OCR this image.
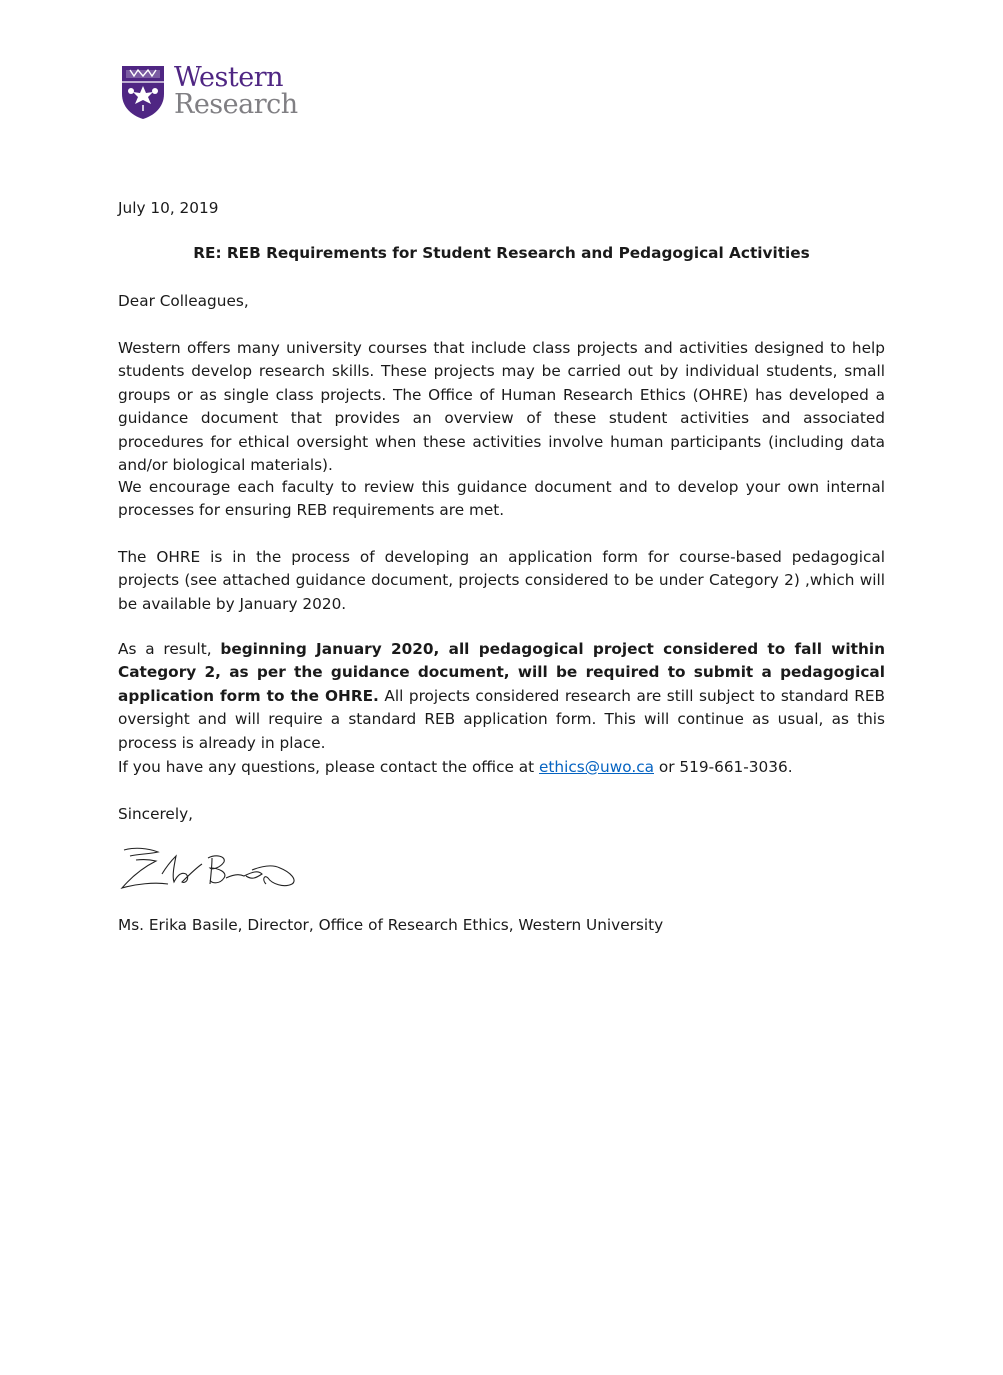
Western
Research
July 10, 2019
RE: REB Requirements for Student Research and Pedagogical Activities
Dear Colleagues,

Western offers many university courses that include class projects and activities designed to help students develop research skills. These projects may be carried out by individual students, small groups or as single class projects. The Office of Human Research Ethics (OHRE) has developed a guidance document that provides an overview of these student activities and associated procedures for ethical oversight when these activities involve human participants (including data and/or biological materials).

We encourage each faculty to review this guidance document and to develop your own internal processes for ensuring REB requirements are met.

The OHRE is in the process of developing an application form for course-based pedagogical projects (see attached guidance document, projects considered to be under Category 2) ,which will be available by January 2020.

As a result, beginning January 2020, all pedagogical project considered to fall within Category 2, as per the guidance document, will be required to submit a pedagogical application form to the OHRE. All projects considered research are still subject to standard REB oversight and will require a standard REB application form. This will continue as usual, as this process is already in place.

If you have any questions, please contact the office at ethics@uwo.ca or 519-661-3036.

Sincerely,
Ms. Erika Basile, Director, Office of Research Ethics, Western University
